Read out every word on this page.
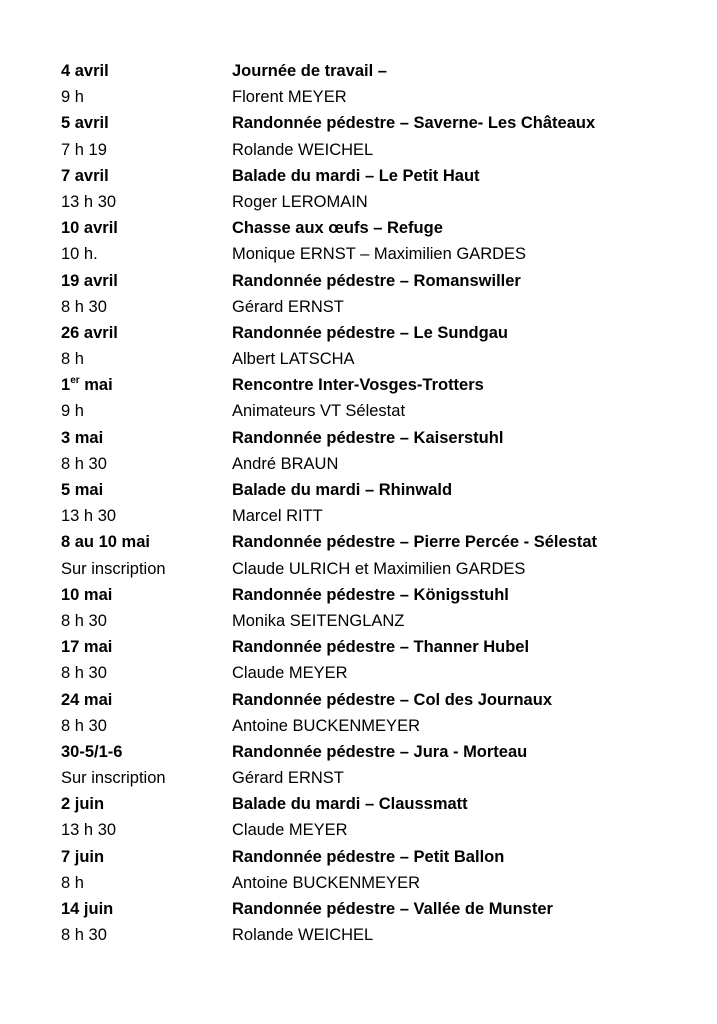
4 avril	Journée de travail –
9 h	Florent MEYER
5 avril	Randonnée pédestre – Saverne- Les Châteaux
7 h 19	Rolande WEICHEL
7 avril	Balade du mardi – Le Petit Haut
13 h 30	Roger LEROMAIN
10 avril	Chasse aux œufs – Refuge
10 h.	Monique ERNST – Maximilien GARDES
19 avril	Randonnée pédestre – Romanswiller
8 h 30	Gérard ERNST
26 avril	Randonnée pédestre – Le Sundgau
8 h	Albert LATSCHA
1er mai	Rencontre Inter-Vosges-Trotters
9 h	Animateurs VT Sélestat
3 mai	Randonnée pédestre – Kaiserstuhl
8 h 30	André BRAUN
5 mai	Balade du mardi – Rhinwald
13 h 30	Marcel RITT
8 au 10 mai	Randonnée pédestre – Pierre Percée - Sélestat
Sur inscription	Claude ULRICH et Maximilien GARDES
10 mai	Randonnée pédestre – Königsstuhl
8 h 30	Monika SEITENGLANZ
17 mai	Randonnée pédestre – Thanner Hubel
8 h 30	Claude MEYER
24 mai	Randonnée pédestre – Col des Journaux
8 h 30	Antoine BUCKENMEYER
30-5/1-6	Randonnée pédestre – Jura - Morteau
Sur inscription	Gérard ERNST
2 juin	Balade du mardi – Claussmatt
13 h 30	Claude MEYER
7 juin	Randonnée pédestre – Petit Ballon
8 h	Antoine BUCKENMEYER
14 juin	Randonnée pédestre – Vallée de Munster
8 h 30	Rolande WEICHEL
